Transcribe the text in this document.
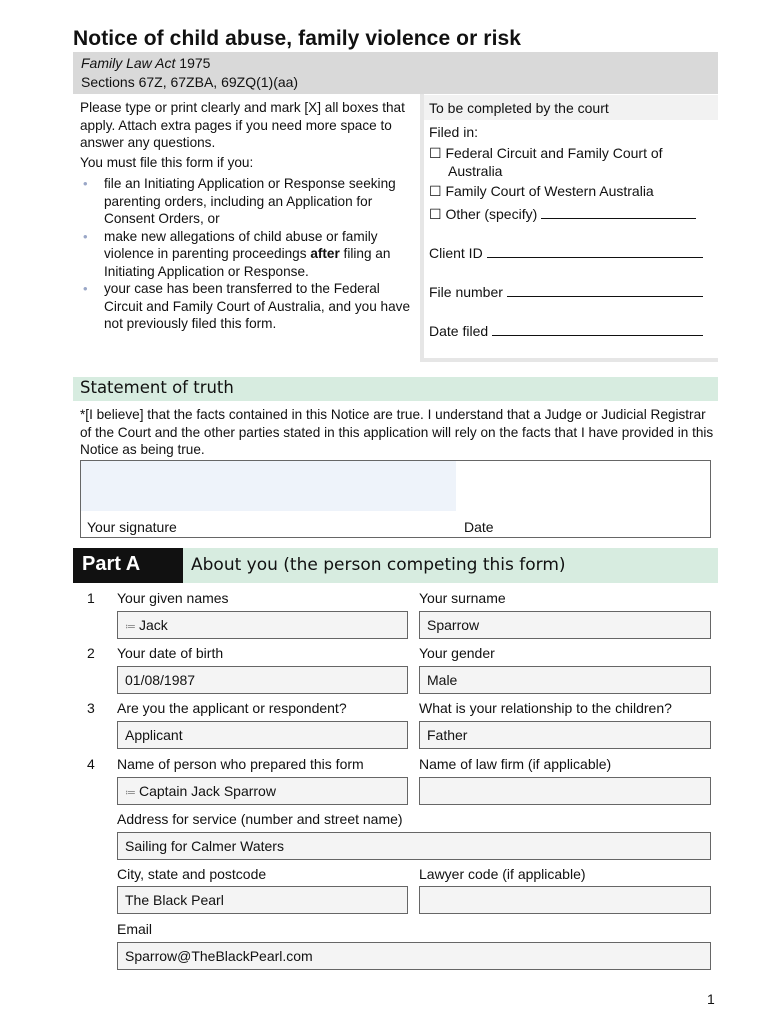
Notice of child abuse, family violence or risk
Family Law Act 1975
Sections 67Z, 67ZBA, 69ZQ(1)(aa)

Please type or print clearly and mark [X] all boxes that apply. Attach extra pages if you need more space to answer any questions.

You must file this form if you:

• file an Initiating Application or Response seeking parenting orders, including an Application for Consent Orders, or
• make new allegations of child abuse or family violence in parenting proceedings after filing an Initiating Application or Response.
• your case has been transferred to the Federal Circuit and Family Court of Australia, and you have not previously filed this form.
To be completed by the court
Filed in:
☐ Federal Circuit and Family Court of
Australia
☐ Family Court of Western Australia
☐ Other (specify)
Client ID
File number
Date filed
Statement of truth
*[I believe] that the facts contained in this Notice are true. I understand that a Judge or Judicial Registrar of the Court and the other parties stated in this application will rely on the facts that I have provided in this Notice as being true.
Your signature	Date
Part A	About you (the person competing this form)
1 Your given names	Your surname
≔ Jack	Sparrow
2 Your date of birth	Your gender
01/08/1987	Male
3 Are you the applicant or respondent?	What is your relationship to the children?
Applicant	Father
4 Name of person who prepared this form	Name of law firm (if applicable)
≔ Captain Jack Sparrow
Address for service (number and street name)
Sailing for Calmer Waters
City, state and postcode	Lawyer code (if applicable)
The Black Pearl
Email
Sparrow@TheBlackPearl.com
1
